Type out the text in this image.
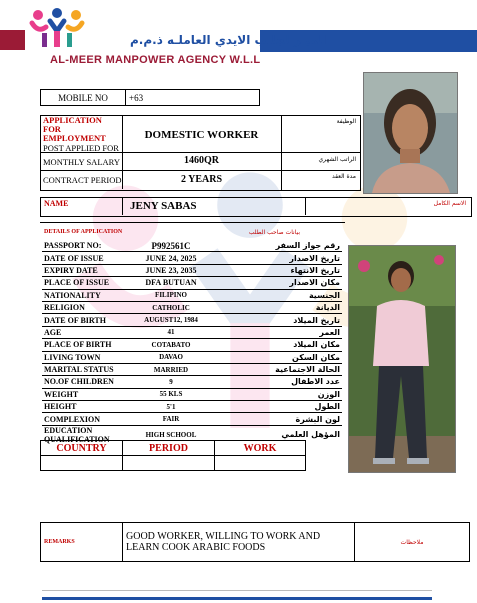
الميـر لجلـب الايدي العاملـه ذ.م.م
AL-MEER MANPOWER AGENCY W.L.L
MOBILE NO	+63
APPLICATION FOR EMPLOYMENT
POST APPLIED FOR
DOMESTIC WORKER
الوظيفة
MONTHLY SALARY	1460QR	الراتب الشهري
CONTRACT PERIOD	2 YEARS	مدة العقد
NAME	JENY SABAS	الاسم الكامل
DETAILS OF APPLICATION	بيانات صاحب الطلب
PASSPORT NO:	P992561C	رقم جواز السفر
DATE OF ISSUE	JUNE 24, 2025	تاريخ الاصدار
EXPIRY DATE	JUNE 23, 2035	تاريخ الانتهاء
PLACE OF ISSUE	DFA BUTUAN	مكان الاصدار
NATIONALITY	FILIPINO	الجنسية
RELIGION	CATHOLIC	الديانة
DATE OF BIRTH	AUGUST12, 1984	تاريخ الميلاد
AGE	41	العمر
PLACE OF BIRTH	COTABATO	مكان الميلاد
LIVING TOWN	DAVAO	مكان السكن
MARITAL STATUS	MARRIED	الحالة الاجتماعية
NO.OF CHILDREN	9	عدد الاطفال
WEIGHT	55 KLS	الوزن
HEIGHT	5'1	الطول
COMPLEXION	FAIR	لون البشرة
EDUCATION QUALIFICATION	HIGH SCHOOL	المؤهل العلمي
COUNTRY	PERIOD	WORK

REMARKS	GOOD WORKER, WILLING TO WORK AND LEARN COOK ARABIC FOODS	ملاحظات
